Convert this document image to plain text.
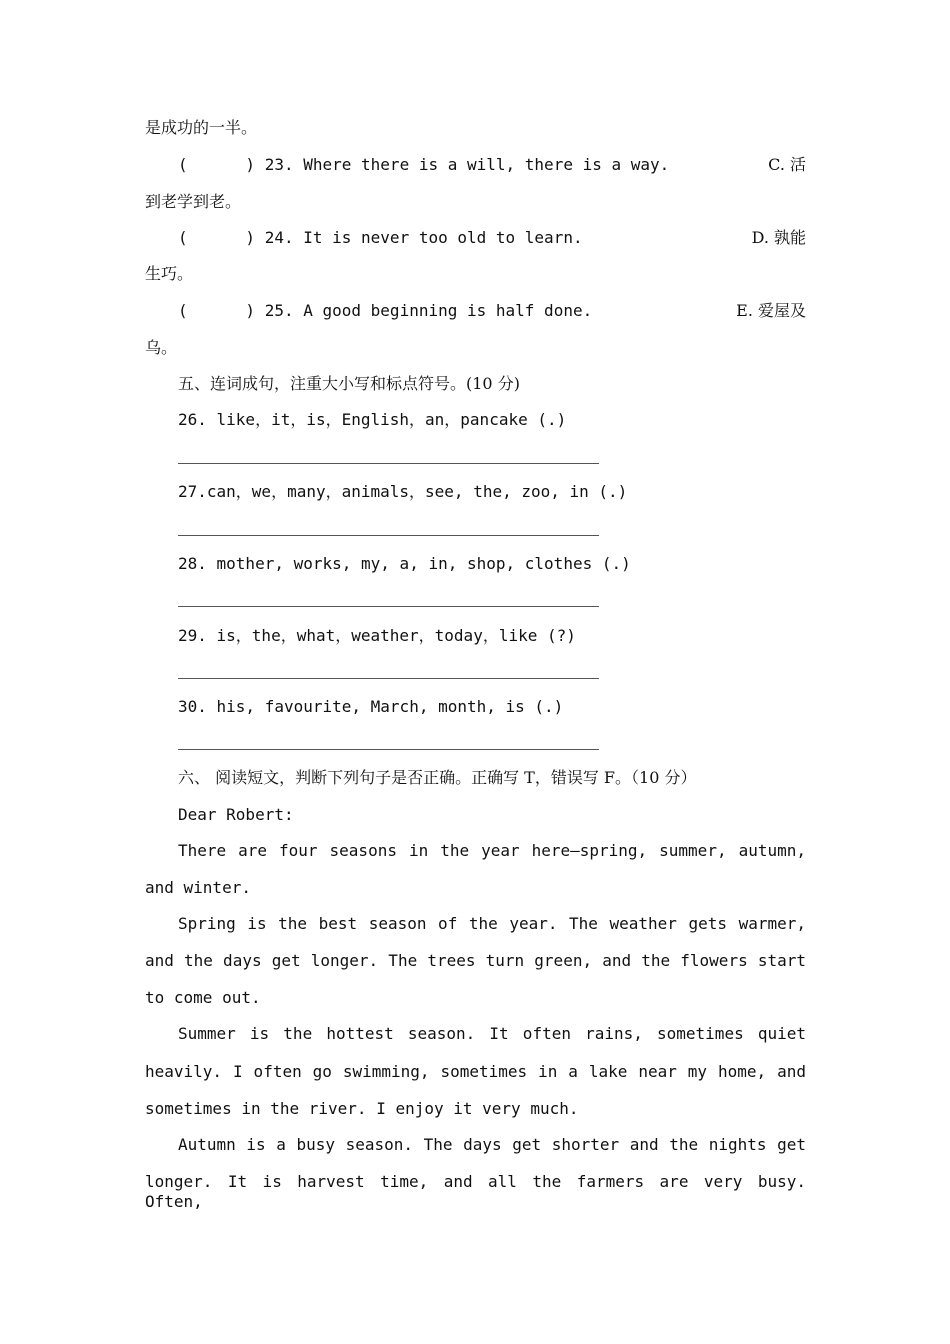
是成功的一半。
(      ) 23. Where there is a will, there is a way.	C. 活
到老学到老。
(      ) 24. It is never too old to learn.	D. 孰能
生巧。
(      ) 25. A good beginning is half done.	E. 爱屋及
乌。
五、连词成句，注重大小写和标点符号。(10 分)
26. like，it，is，English，an，pancake (.)
27.can，we，many，animals，see, the, zoo, in (.)
28. mother, works, my, a, in, shop, clothes (.)
29. is，the，what，weather，today，like (?)
30. his, favourite, March, month, is (.)
六、 阅读短文，判断下列句子是否正确。正确写 T，错误写 F。（10 分）
Dear Robert:
There are four seasons in the year here—spring, summer, autumn,
and winter.
Spring is the best season of the year. The weather gets warmer,
and the days get longer. The trees turn green, and the flowers start
to come out.
Summer is the hottest season. It often rains, sometimes quiet
heavily. I often go swimming, sometimes in a lake near my home, and
sometimes in the river. I enjoy it very much.
Autumn is a busy season. The days get shorter and the nights get
longer. It is harvest time, and all the farmers are very busy. Often,
